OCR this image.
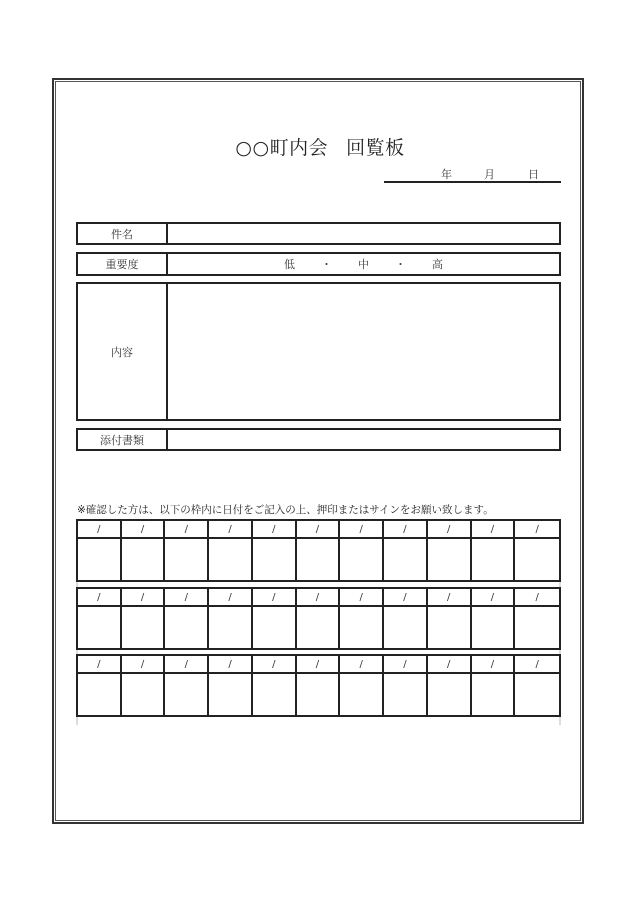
○○町内会 回覧板
年	月	日
件名
重要度	低 ・ 中 ・ 高
内容
添付書類
※確認した方は、以下の枠内に日付をご記入の上、押印またはサインをお願い致します。
/	/	/	/	/	/	/	/	/	/	/
/	/	/	/	/	/	/	/	/	/	/
/	/	/	/	/	/	/	/	/	/	/
